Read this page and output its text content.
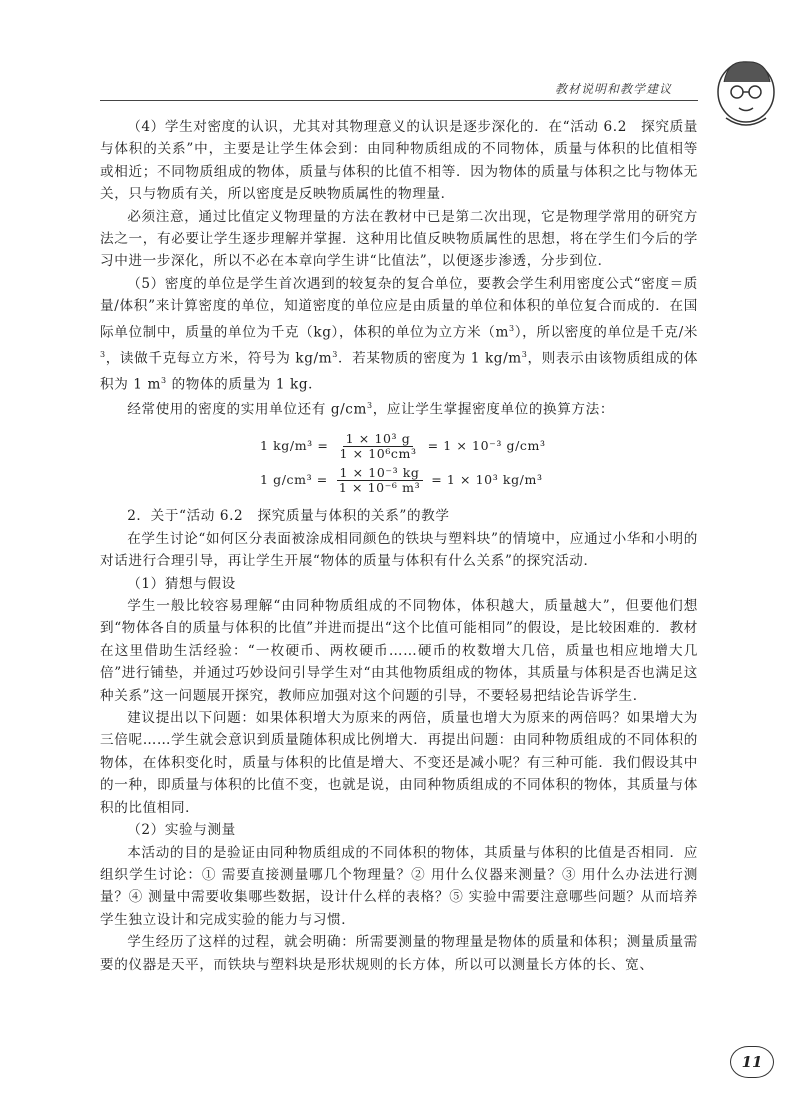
教材说明和教学建议

（4）学生对密度的认识，尤其对其物理意义的认识是逐步深化的．在“活动 6.2　探究质量与体积的关系”中，主要是让学生体会到：由同种物质组成的不同物体，质量与体积的比值相等或相近；不同物质组成的物体，质量与体积的比值不相等．因为物体的质量与体积之比与物体无关，只与物质有关，所以密度是反映物质属性的物理量．

必须注意，通过比值定义物理量的方法在教材中已是第二次出现，它是物理学常用的研究方法之一，有必要让学生逐步理解并掌握．这种用比值反映物质属性的思想，将在学生们今后的学习中进一步深化，所以不必在本章向学生讲“比值法”，以便逐步渗透，分步到位．

（5）密度的单位是学生首次遇到的较复杂的复合单位，要教会学生利用密度公式“密度＝质量/体积”来计算密度的单位，知道密度的单位应是由质量的单位和体积的单位复合而成的．在国际单位制中，质量的单位为千克（kg），体积的单位为立方米$(m^3)$，所以密度的单位是千克/米$^3$，读做千克每立方米，符号为 $kg/m^3$．若某物质的密度为 1 $kg/m^3$，则表示由该物质组成的体积为 1 $m^3$ 的物体的质量为 1 kg．

经常使用的密度的实用单位还有 $g/cm^3$，应让学生掌握密度单位的换算方法：

1 $kg/m^3 = \frac{\text{1 × 10³ g}}{\text{1 × 10⁶cm³}} = 1 \times 10^{-3}$ g/cm³
1 $g/cm^3 = \frac{\text{1 × 10⁻³ kg}}{\text{1 × 10⁻⁶ m³}} = 1 \times 10^3$ kg/m³

2．关于“活动 6.2　探究质量与体积的关系”的教学

在学生讨论“如何区分表面被涂成相同颜色的铁块与塑料块”的情境中，应通过小华和小明的对话进行合理引导，再让学生开展“物体的质量与体积有什么关系”的探究活动．

（1）猜想与假设

学生一般比较容易理解“由同种物质组成的不同物体，体积越大，质量越大”，但要他们想到“物体各自的质量与体积的比值”并进而提出“这个比值可能相同”的假设，是比较困难的．教材在这里借助生活经验：“一枚硬币、两枚硬币……硬币的枚数增大几倍，质量也相应地增大几倍”进行铺垫，并通过巧妙设问引导学生对“由其他物质组成的物体，其质量与体积是否也满足这种关系”这一问题展开探究，教师应加强对这个问题的引导，不要轻易把结论告诉学生．

建议提出以下问题：如果体积增大为原来的两倍，质量也增大为原来的两倍吗？如果增大为三倍呢……学生就会意识到质量随体积成比例增大．再提出问题：由同种物质组成的不同体积的物体，在体积变化时，质量与体积的比值是增大、不变还是减小呢？有三种可能．我们假设其中的一种，即质量与体积的比值不变，也就是说，由同种物质组成的不同体积的物体，其质量与体积的比值相同．

（2）实验与测量

本活动的目的是验证由同种物质组成的不同体积的物体，其质量与体积的比值是否相同．应组织学生讨论：① 需要直接测量哪几个物理量？② 用什么仪器来测量？③ 用什么办法进行测量？④ 测量中需要收集哪些数据，设计什么样的表格？⑤ 实验中需要注意哪些问题？从而培养学生独立设计和完成实验的能力与习惯．

学生经历了这样的过程，就会明确：所需要测量的物理量是物体的质量和体积；测量质量需要的仪器是天平，而铁块与塑料块是形状规则的长方体，所以可以测量长方体的长、宽、

11
